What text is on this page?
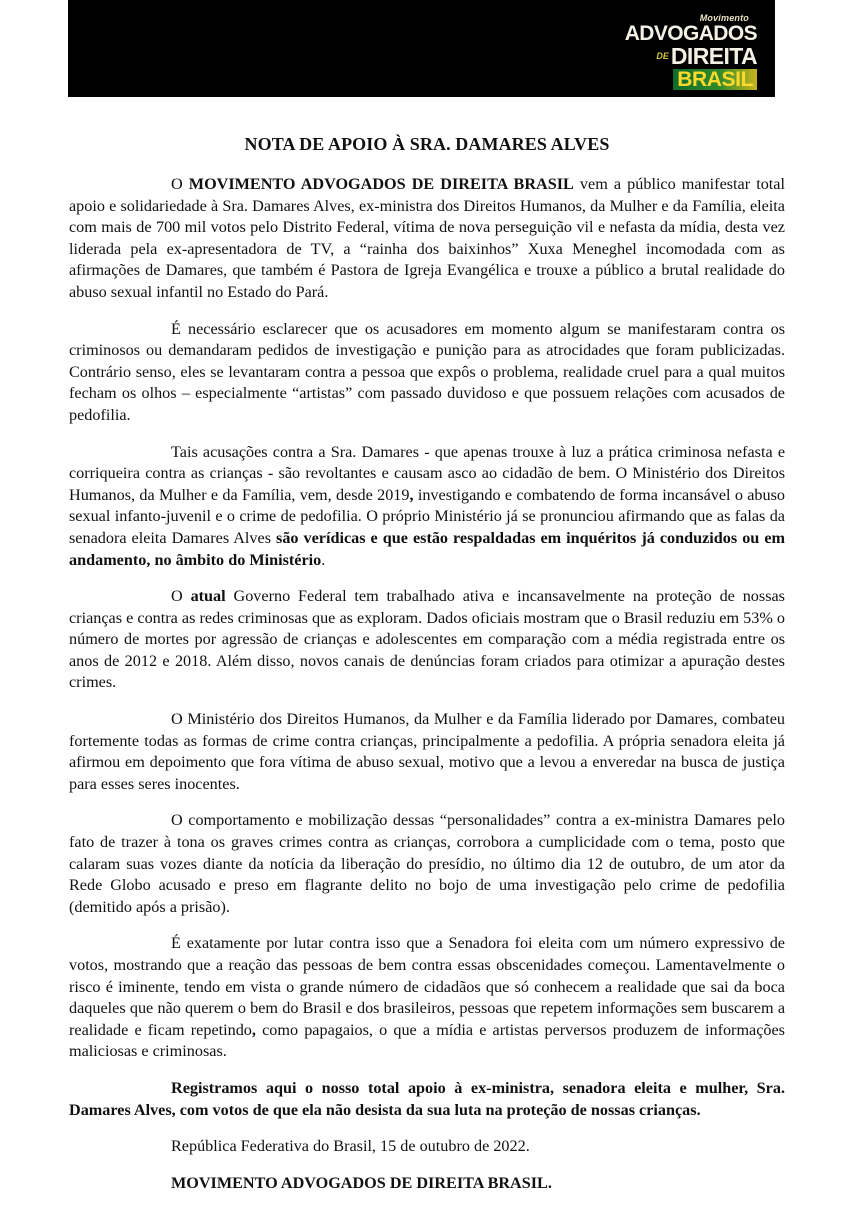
Movimento
ADVOGADOS
DEDIREITA
BRASIL
NOTA DE APOIO À SRA. DAMARES ALVES

O MOVIMENTO ADVOGADOS DE DIREITA BRASIL vem a público manifestar total apoio e solidariedade à Sra. Damares Alves, ex-ministra dos Direitos Humanos, da Mulher e da Família, eleita com mais de 700 mil votos pelo Distrito Federal, vítima de nova perseguição vil e nefasta da mídia, desta vez liderada pela ex-apresentadora de TV, a “rainha dos baixinhos” Xuxa Meneghel incomodada com as afirmações de Damares, que também é Pastora de Igreja Evangélica e trouxe a público a brutal realidade do abuso sexual infantil no Estado do Pará.

É necessário esclarecer que os acusadores em momento algum se manifestaram contra os criminosos ou demandaram pedidos de investigação e punição para as atrocidades que foram publicizadas. Contrário senso, eles se levantaram contra a pessoa que expôs o problema, realidade cruel para a qual muitos fecham os olhos – especialmente “artistas” com passado duvidoso e que possuem relações com acusados de pedofilia.

Tais acusações contra a Sra. Damares - que apenas trouxe à luz a prática criminosa nefasta e corriqueira contra as crianças - são revoltantes e causam asco ao cidadão de bem. O Ministério dos Direitos Humanos, da Mulher e da Família, vem, desde 2019, investigando e combatendo de forma incansável o abuso sexual infanto-juvenil e o crime de pedofilia. O próprio Ministério já se pronunciou afirmando que as falas da senadora eleita Damares Alves são verídicas e que estão respaldadas em inquéritos já conduzidos ou em andamento, no âmbito do Ministério.

O atual Governo Federal tem trabalhado ativa e incansavelmente na proteção de nossas crianças e contra as redes criminosas que as exploram. Dados oficiais mostram que o Brasil reduziu em 53% o número de mortes por agressão de crianças e adolescentes em comparação com a média registrada entre os anos de 2012 e 2018. Além disso, novos canais de denúncias foram criados para otimizar a apuração destes crimes.

O Ministério dos Direitos Humanos, da Mulher e da Família liderado por Damares, combateu fortemente todas as formas de crime contra crianças, principalmente a pedofilia. A própria senadora eleita já afirmou em depoimento que fora vítima de abuso sexual, motivo que a levou a enveredar na busca de justiça para esses seres inocentes.

O comportamento e mobilização dessas “personalidades” contra a ex-ministra Damares pelo fato de trazer à tona os graves crimes contra as crianças, corrobora a cumplicidade com o tema, posto que calaram suas vozes diante da notícia da liberação do presídio, no último dia 12 de outubro, de um ator da Rede Globo acusado e preso em flagrante delito no bojo de uma investigação pelo crime de pedofilia (demitido após a prisão).

É exatamente por lutar contra isso que a Senadora foi eleita com um número expressivo de votos, mostrando que a reação das pessoas de bem contra essas obscenidades começou. Lamentavelmente o risco é iminente, tendo em vista o grande número de cidadãos que só conhecem a realidade que sai da boca daqueles que não querem o bem do Brasil e dos brasileiros, pessoas que repetem informações sem buscarem a realidade e ficam repetindo, como papagaios, o que a mídia e artistas perversos produzem de informações maliciosas e criminosas.

Registramos aqui o nosso total apoio à ex-ministra, senadora eleita e mulher, Sra. Damares Alves, com votos de que ela não desista da sua luta na proteção de nossas crianças.

República Federativa do Brasil, 15 de outubro de 2022.

MOVIMENTO ADVOGADOS DE DIREITA BRASIL.
